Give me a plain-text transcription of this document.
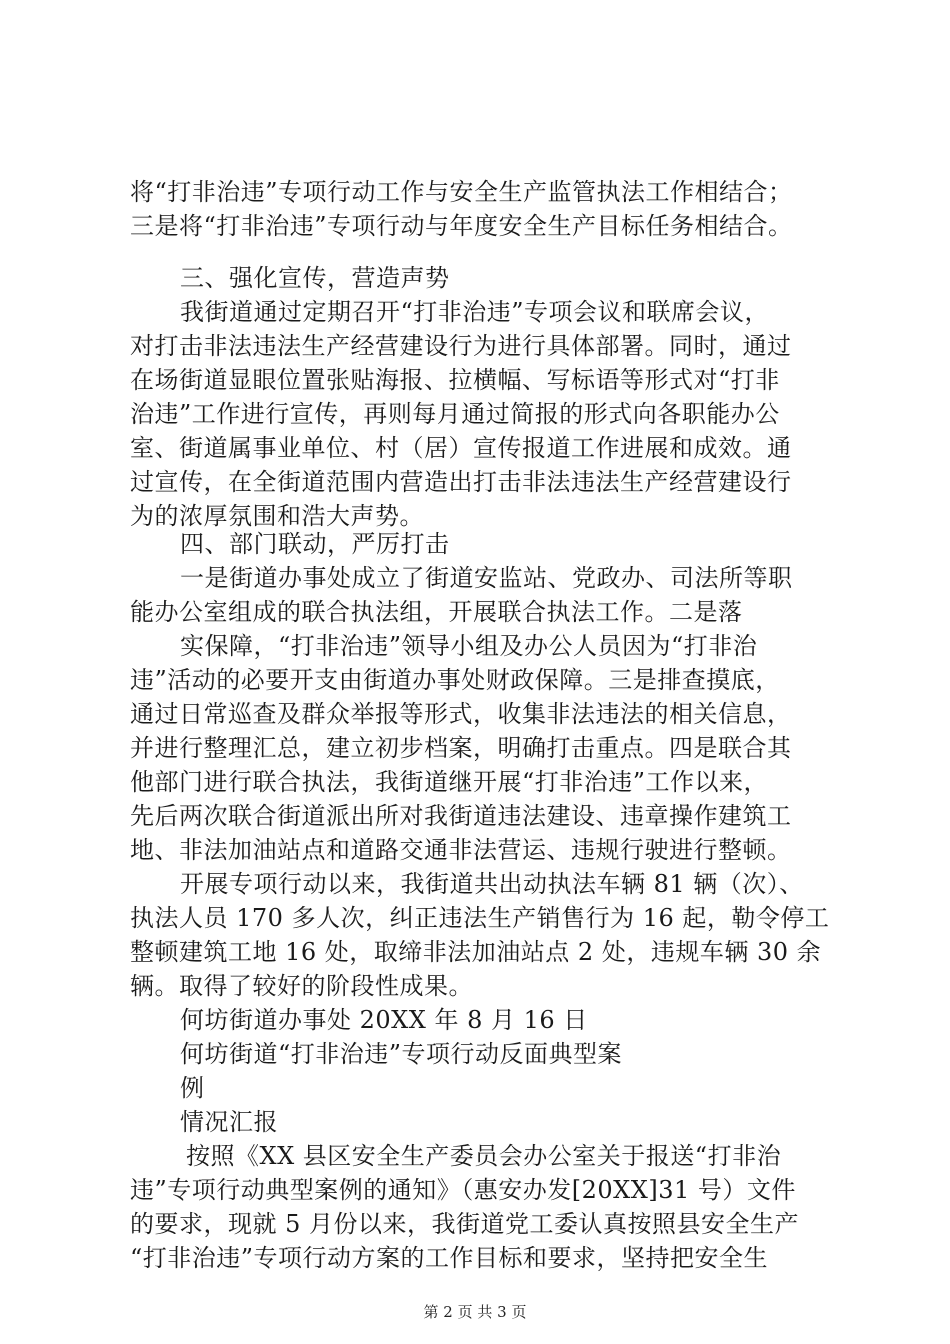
将“打非治违”专项行动工作与安全生产监管执法工作相结合；
三是将“打非治违”专项行动与年度安全生产目标任务相结合。
三、强化宣传，营造声势
我街道通过定期召开“打非治违”专项会议和联席会议，
对打击非法违法生产经营建设行为进行具体部署。同时，通过
在场街道显眼位置张贴海报、拉横幅、写标语等形式对“打非
治违”工作进行宣传，再则每月通过简报的形式向各职能办公
室、街道属事业单位、村（居）宣传报道工作进展和成效。通
过宣传，在全街道范围内营造出打击非法违法生产经营建设行
为的浓厚氛围和浩大声势。
四、部门联动，严厉打击
一是街道办事处成立了街道安监站、党政办、司法所等职
能办公室组成的联合执法组，开展联合执法工作。二是落
实保障，“打非治违”领导小组及办公人员因为“打非治
违”活动的必要开支由街道办事处财政保障。三是排查摸底，
通过日常巡查及群众举报等形式，收集非法违法的相关信息，
并进行整理汇总，建立初步档案，明确打击重点。四是联合其
他部门进行联合执法，我街道继开展“打非治违”工作以来，
先后两次联合街道派出所对我街道违法建设、违章操作建筑工
地、非法加油站点和道路交通非法营运、违规行驶进行整顿。
开展专项行动以来，我街道共出动执法车辆 81 辆（次）、
执法人员 170 多人次，纠正违法生产销售行为 16 起，勒令停工
整顿建筑工地 16 处，取缔非法加油站点 2 处，违规车辆 30 余
辆。取得了较好的阶段性成果。
何坊街道办事处 20XX 年 8 月 16 日
何坊街道“打非治违”专项行动反面典型案
例
情况汇报
按照《XX 县区安全生产委员会办公室关于报送“打非治
违”专项行动典型案例的通知》（惠安办发[20XX]31 号）文件
的要求，现就 5 月份以来，我街道党工委认真按照县安全生产
“打非治违”专项行动方案的工作目标和要求，坚持把安全生
第 2 页 共 3 页
